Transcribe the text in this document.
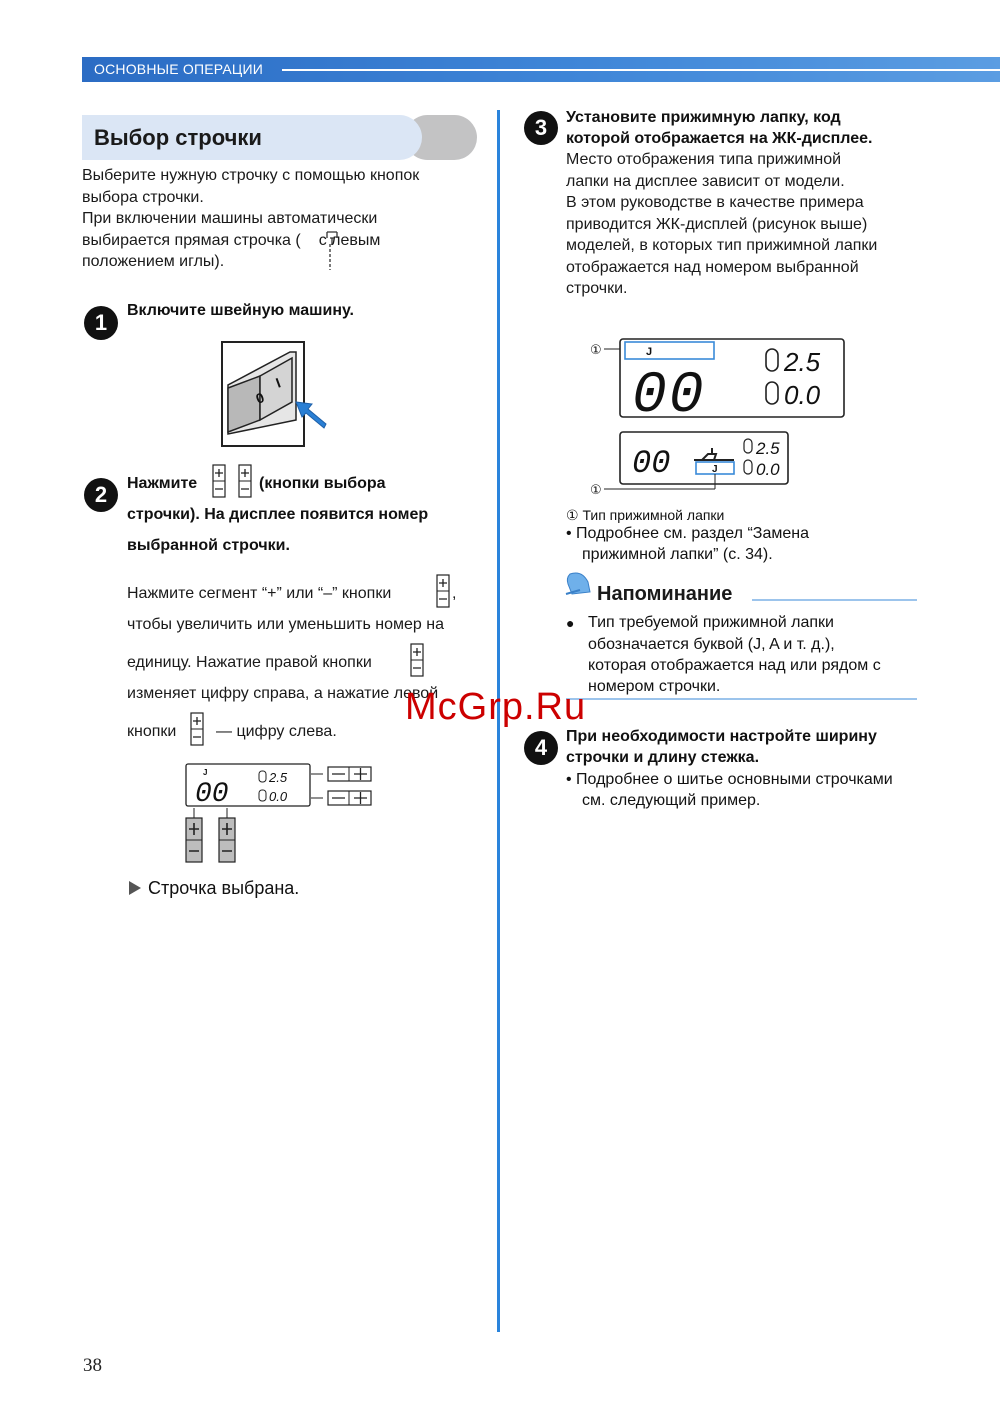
ОСНОВНЫЕ ОПЕРАЦИИ
Выбор строчки
Выберите нужную строчку с помощью кнопок
выбора строчки.
При включении машины автоматически
выбирается прямая строчка ( с левым
положением иглы).
1	Включите швейную машину.
0
I
2	Нажмите	(кнопки выбора
строчки). На дисплее появится номер
выбранной строчки.
Нажмите сегмент “+” или “–” кнопки	,
чтобы увеличить или уменьшить номер на
единицу. Нажатие правой кнопки
изменяет цифру справа, а нажатие левой
кнопки — цифру слева.
J
00
2.5
0.0
Строчка выбрана.
3	Установите прижимную лапку, код
которой отображается на ЖК-дисплее.
Место отображения типа прижимной
лапки на дисплее зависит от модели.
В этом руководстве в качестве примера
приводится ЖК-дисплей (рисунок выше)
моделей, в которых тип прижимной лапки
отображается над номером выбранной
строчки.
①	J
00
2.5
0.0
00	J
2.5
0.0
①
① Тип прижимной лапки
• Подробнее см. раздел “Замена
прижимной лапки” (с. 34).
Напоминание
● Тип требуемой прижимной лапки
обозначается буквой (J, A и т. д.),
которая отображается над или рядом с
номером строчки.
4	При необходимости настройте ширину
строчки и длину стежка.
• Подробнее о шитье основными строчками
см. следующий пример.
McGrp.Ru
38
